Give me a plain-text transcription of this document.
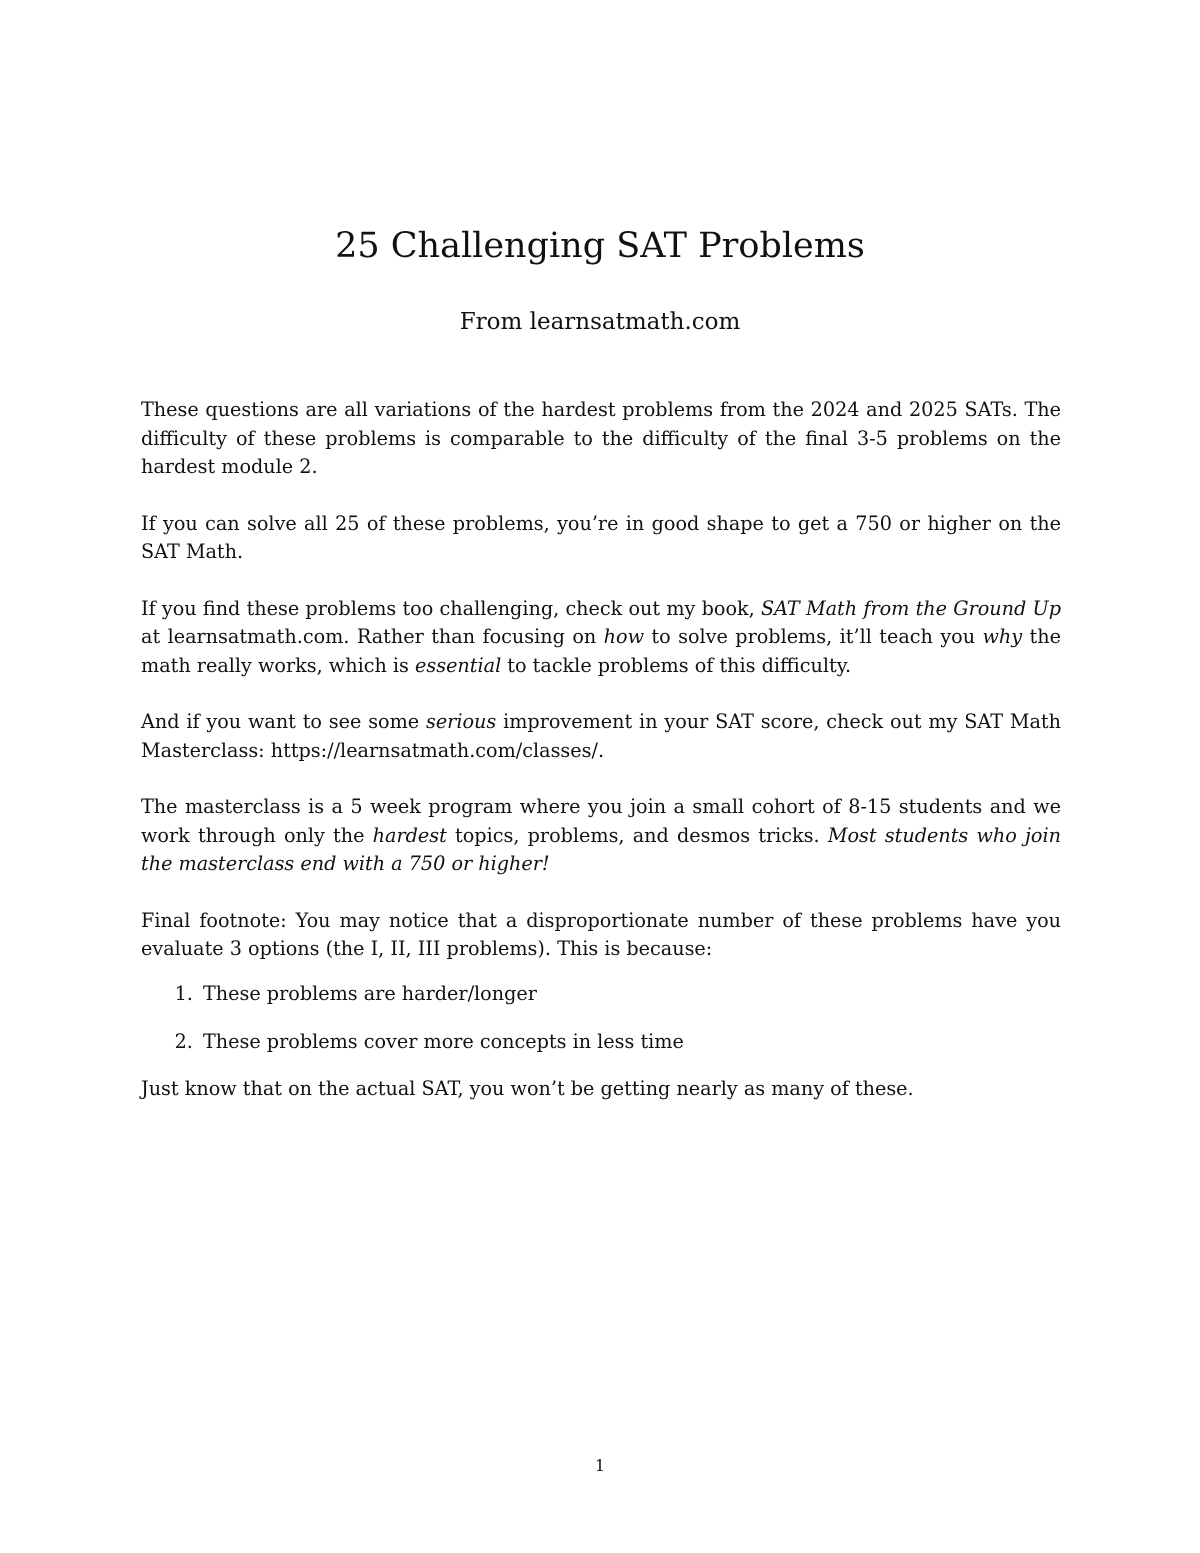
25 Challenging SAT Problems
From learnsatmath.com

These questions are all variations of the hardest problems from the 2024 and 2025 SATs. The difficulty of these problems is comparable to the difficulty of the final 3-5 problems on the hardest module 2.

If you can solve all 25 of these problems, you’re in good shape to get a 750 or higher on the SAT Math.

If you find these problems too challenging, check out my book, SAT Math from the Ground Up at learnsatmath.com. Rather than focusing on how to solve problems, it’ll teach you why the math really works, which is essential to tackle problems of this difficulty.

And if you want to see some serious improvement in your SAT score, check out my SAT Math Masterclass: https://learnsatmath.com/classes/.

The masterclass is a 5 week program where you join a small cohort of 8-15 students and we work through only the hardest topics, problems, and desmos tricks. Most students who join the masterclass end with a 750 or higher!

Final footnote: You may notice that a disproportionate number of these problems have you evaluate 3 options (the I, II, III problems). This is because:

1. These problems are harder/longer
2. These problems cover more concepts in less time

Just know that on the actual SAT, you won’t be getting nearly as many of these.

1
